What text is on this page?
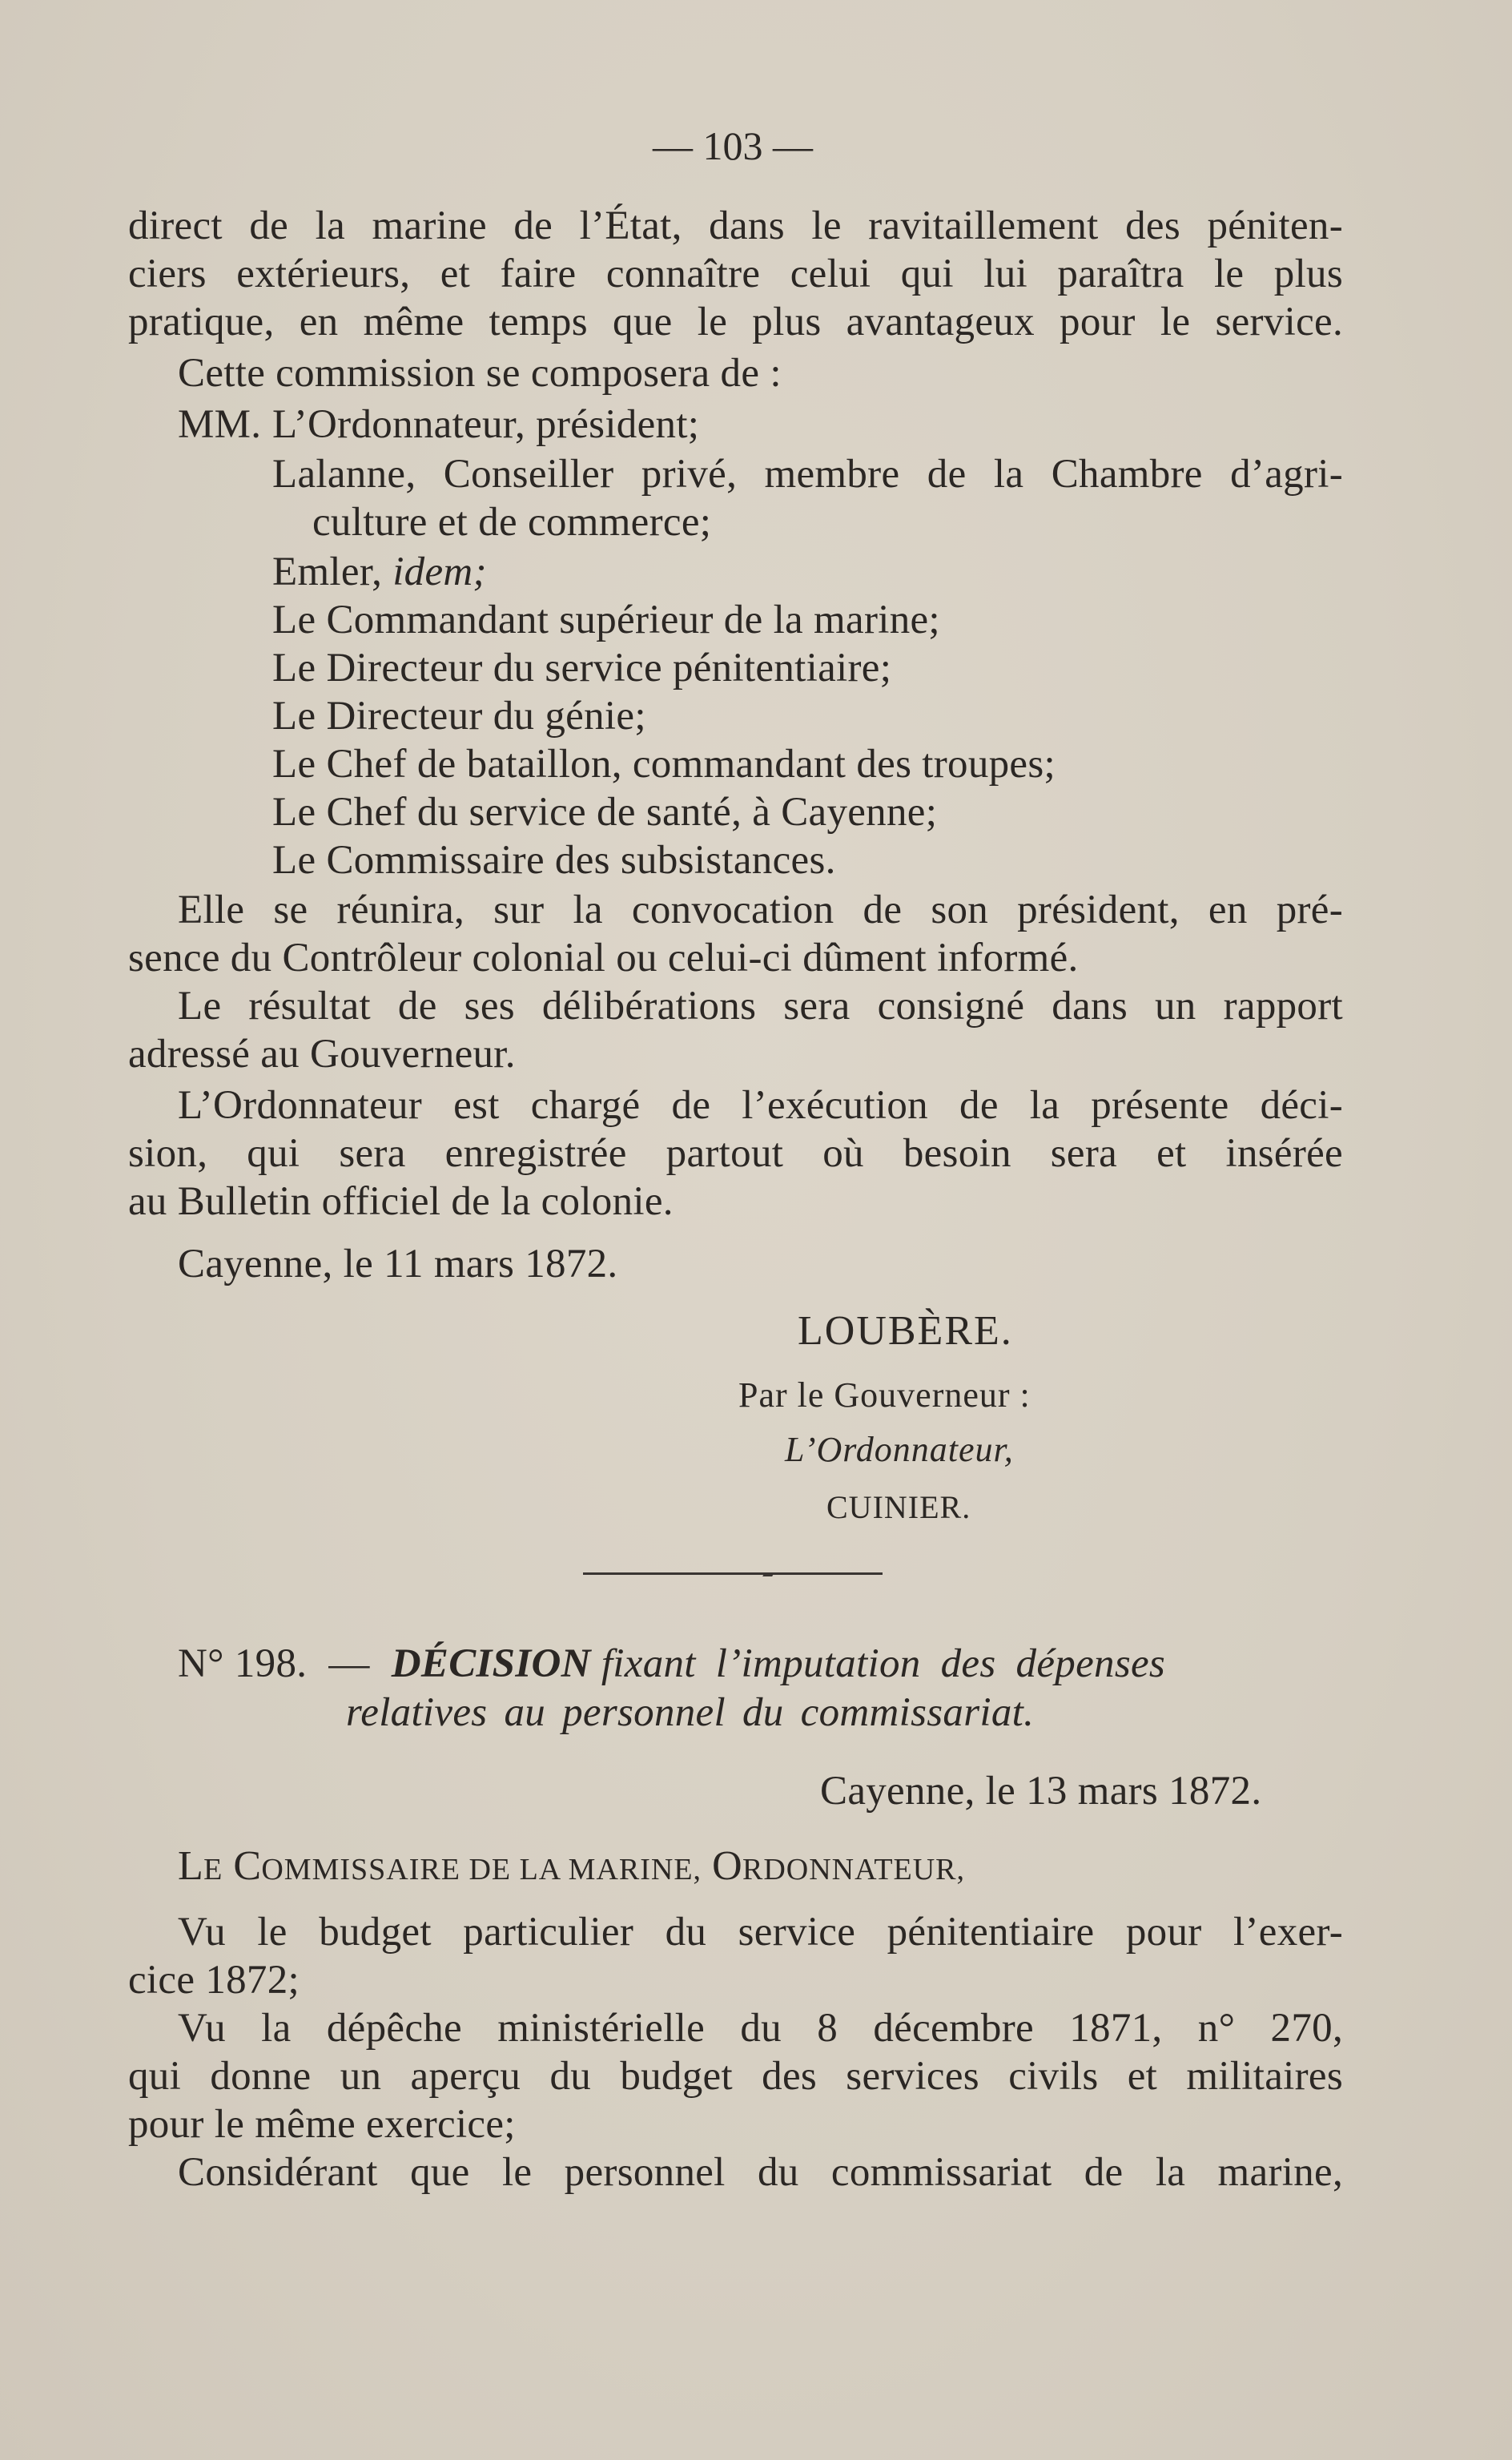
— 103 —
direct de la marine de l’État, dans le ravitaillement des péniten-
ciers extérieurs, et faire connaître celui qui lui paraîtra le plus
pratique, en même temps que le plus avantageux pour le service.
Cette commission se composera de :
MM. L’Ordonnateur, président;
Lalanne, Conseiller privé, membre de la Chambre d’agri-
culture et de commerce;
Emler, idem;
Le Commandant supérieur de la marine;
Le Directeur du service pénitentiaire;
Le Directeur du génie;
Le Chef de bataillon, commandant des troupes;
Le Chef du service de santé, à Cayenne;
Le Commissaire des subsistances.
Elle se réunira, sur la convocation de son président, en pré-
sence du Contrôleur colonial ou celui-ci dûment informé.
Le résultat de ses délibérations sera consigné dans un rapport
adressé au Gouverneur.
L’Ordonnateur est chargé de l’exécution de la présente déci-
sion, qui sera enregistrée partout où besoin sera et insérée
au Bulletin officiel de la colonie.
Cayenne, le 11 mars 1872.
LOUBÈRE.
Par le Gouverneur :
L’Ordonnateur,
CUINIER.
N° 198. — DÉCISION fixant l’imputation des dépenses
relatives au personnel du commissariat.
Cayenne, le 13 mars 1872.
LE COMMISSAIRE DE LA MARINE, ORDONNATEUR,
Vu le budget particulier du service pénitentiaire pour l’exer-
cice 1872;
Vu la dépêche ministérielle du 8 décembre 1871, n° 270,
qui donne un aperçu du budget des services civils et militaires
pour le même exercice;
Considérant que le personnel du commissariat de la marine,
